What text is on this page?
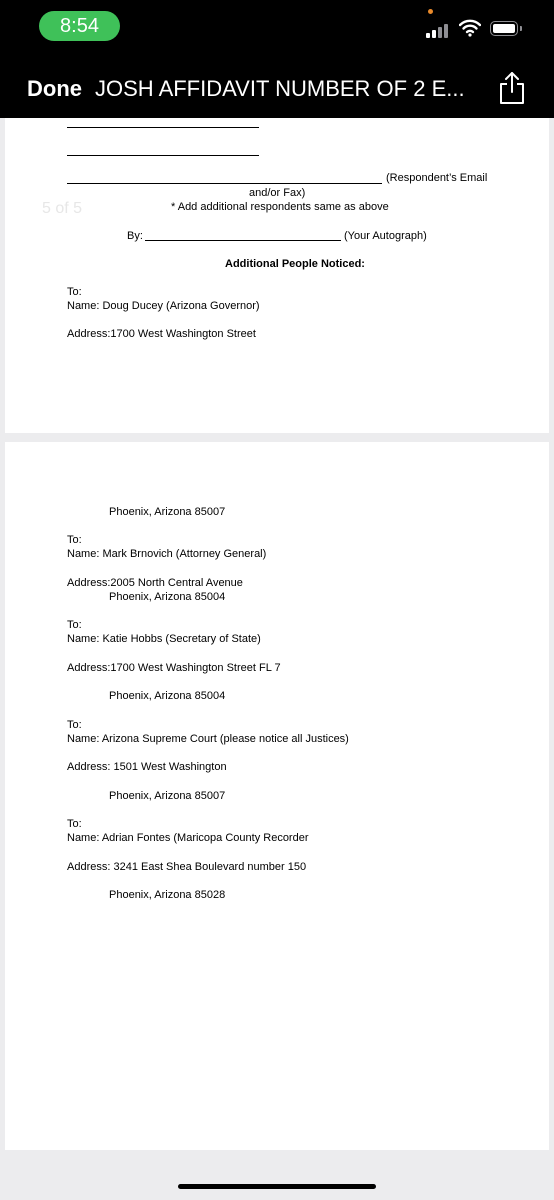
8:54
Done JOSH AFFIDAVIT NUMBER OF 2 E...
(Respondent’s Email
and/or Fax)
5 of 5	* Add additional respondents same as above
By:	(Your Autograph)
Additional People Noticed:
To:
Name: Doug Ducey (Arizona Governor)
Address:1700 West Washington Street
Phoenix, Arizona 85007
To:
Name: Mark Brnovich (Attorney General)
Address:2005 North Central Avenue
Phoenix, Arizona 85004
To:
Name: Katie Hobbs (Secretary of State)
Address:1700 West Washington Street FL 7
Phoenix, Arizona 85004
To:
Name: Arizona Supreme Court (please notice all Justices)
Address: 1501 West Washington
Phoenix, Arizona 85007
To:
Name: Adrian Fontes (Maricopa County Recorder
Address: 3241 East Shea Boulevard number 150
Phoenix, Arizona 85028
